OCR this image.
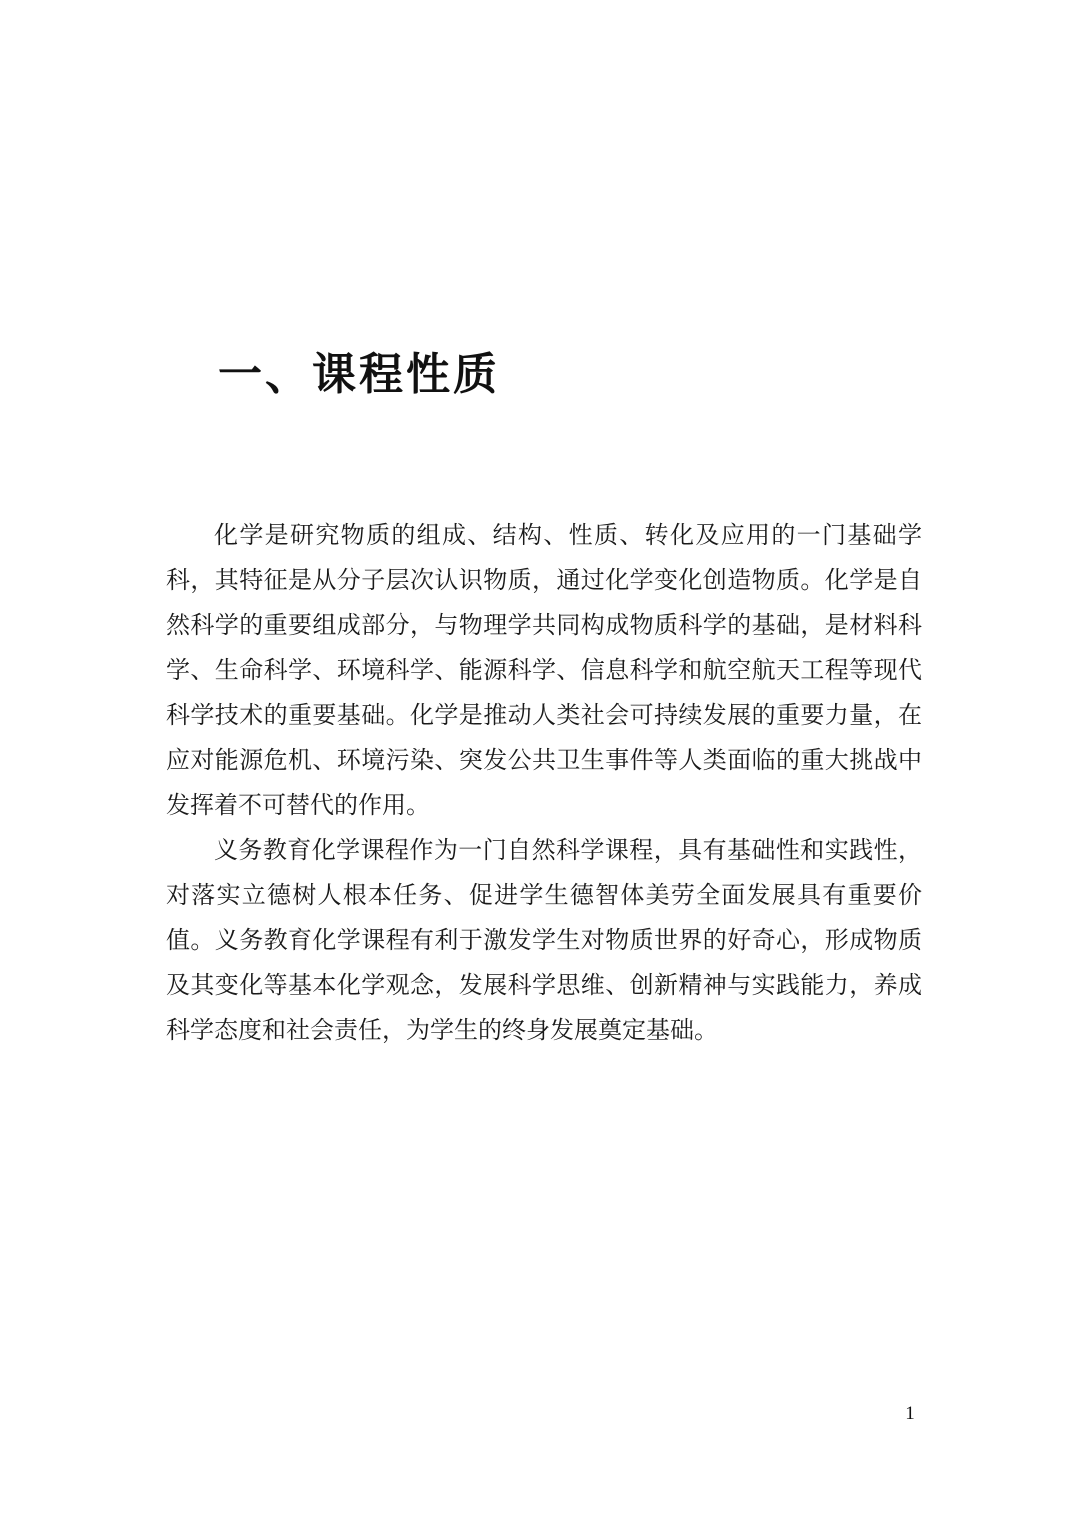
一、课程性质

化学是研究物质的组成、结构、性质、转化及应用的一门基础学科，其特征是从分子层次认识物质，通过化学变化创造物质。化学是自然科学的重要组成部分，与物理学共同构成物质科学的基础，是材料科学、生命科学、环境科学、能源科学、信息科学和航空航天工程等现代科学技术的重要基础。化学是推动人类社会可持续发展的重要力量，在应对能源危机、环境污染、突发公共卫生事件等人类面临的重大挑战中发挥着不可替代的作用。

义务教育化学课程作为一门自然科学课程，具有基础性和实践性，对落实立德树人根本任务、促进学生德智体美劳全面发展具有重要价值。义务教育化学课程有利于激发学生对物质世界的好奇心，形成物质及其变化等基本化学观念，发展科学思维、创新精神与实践能力，养成科学态度和社会责任，为学生的终身发展奠定基础。

1
